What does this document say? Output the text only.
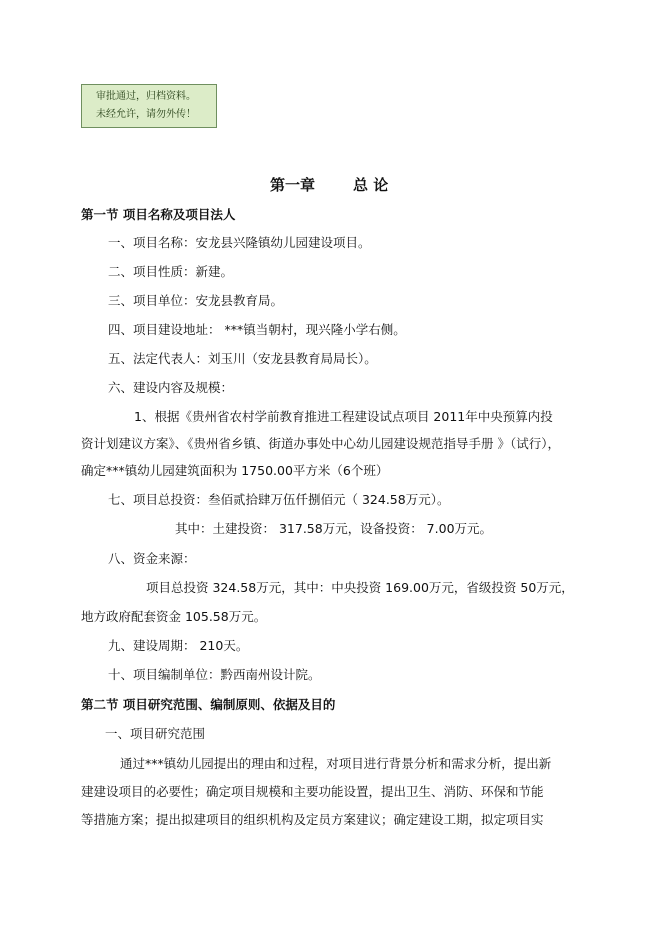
审批通过，归档资料。
未经允许，请勿外传！
第一章	总 论
第一节 项目名称及项目法人
一、项目名称：安龙县兴隆镇幼儿园建设项目。
二、项目性质：新建。
三、项目单位：安龙县教育局。
四、项目建设地址： ***镇当朝村，现兴隆小学右侧。
五、法定代表人：刘玉川（安龙县教育局局长）。
六、建设内容及规模：
1、根据《贵州省农村学前教育推进工程建设试点项目 2011年中央预算内投
资计划建议方案》、《贵州省乡镇、街道办事处中心幼儿园建设规范指导手册 》（试行），
确定***镇幼儿园建筑面积为 1750.00平方米（6个班）
七、项目总投资：叁佰贰拾肆万伍仟捌佰元（ 324.58万元）。
其中：土建投资： 317.58万元，设备投资： 7.00万元。
八、资金来源：
项目总投资 324.58万元，其中：中央投资 169.00万元，省级投资 50万元，
地方政府配套资金 105.58万元。
九、建设周期： 210天。
十、项目编制单位：黔西南州设计院。
第二节 项目研究范围、编制原则、依据及目的
一、项目研究范围
通过***镇幼儿园提出的理由和过程，对项目进行背景分析和需求分析，提出新
建建设项目的必要性；确定项目规模和主要功能设置，提出卫生、消防、环保和节能
等措施方案；提出拟建项目的组织机构及定员方案建议；确定建设工期，拟定项目实
